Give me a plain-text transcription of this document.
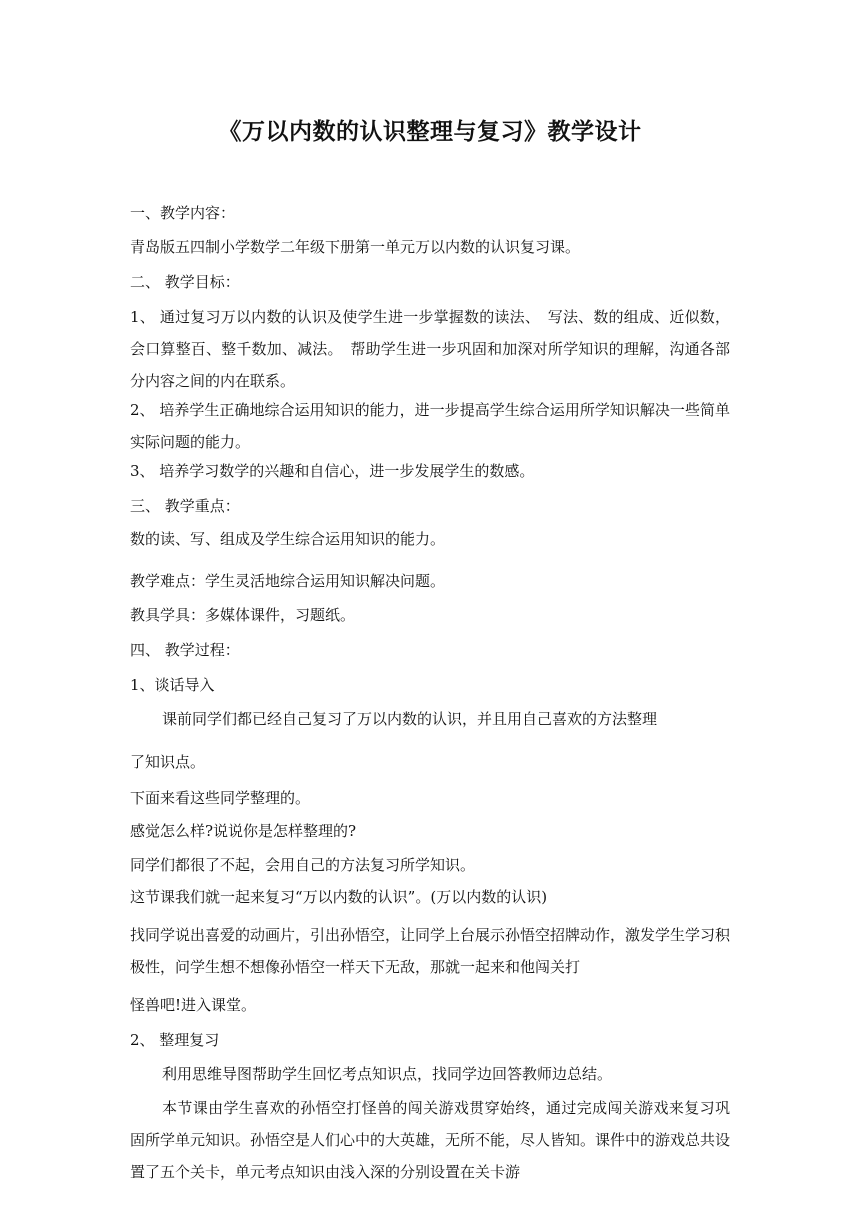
《万以内数的认识整理与复习》教学设计
一、教学内容：
青岛版五四制小学数学二年级下册第一单元万以内数的认识复习课。
二、 教学目标：
1、 通过复习万以内数的认识及使学生进一步掌握数的读法、　写法、数的组成、近似数，会口算整百、整千数加、减法。　帮助学生进一步巩固和加深对所学知识的理解，沟通各部分内容之间的内在联系。
2、 培养学生正确地综合运用知识的能力，进一步提高学生综合运用所学知识解决一些简单实际问题的能力。
3、 培养学习数学的兴趣和自信心，进一步发展学生的数感。
三、 教学重点：
数的读、写、组成及学生综合运用知识的能力。
教学难点：学生灵活地综合运用知识解决问题。
教具学具：多媒体课件，习题纸。
四、 教学过程：
1、谈话导入
课前同学们都已经自己复习了万以内数的认识，并且用自己喜欢的方法整理
了知识点。
下面来看这些同学整理的。
感觉怎么样?说说你是怎样整理的?
同学们都很了不起，会用自己的方法复习所学知识。
这节课我们就一起来复习“万以内数的认识”。(万以内数的认识)
找同学说出喜爱的动画片，引出孙悟空，让同学上台展示孙悟空招牌动作，激发学生学习积极性，问学生想不想像孙悟空一样天下无敌，那就一起来和他闯关打
怪兽吧!进入课堂。
2、 整理复习
利用思维导图帮助学生回忆考点知识点，找同学边回答教师边总结。
本节课由学生喜欢的孙悟空打怪兽的闯关游戏贯穿始终，通过完成闯关游戏来复习巩固所学单元知识。孙悟空是人们心中的大英雄，无所不能，尽人皆知。课件中的游戏总共设置了五个关卡，单元考点知识由浅入深的分别设置在关卡游
